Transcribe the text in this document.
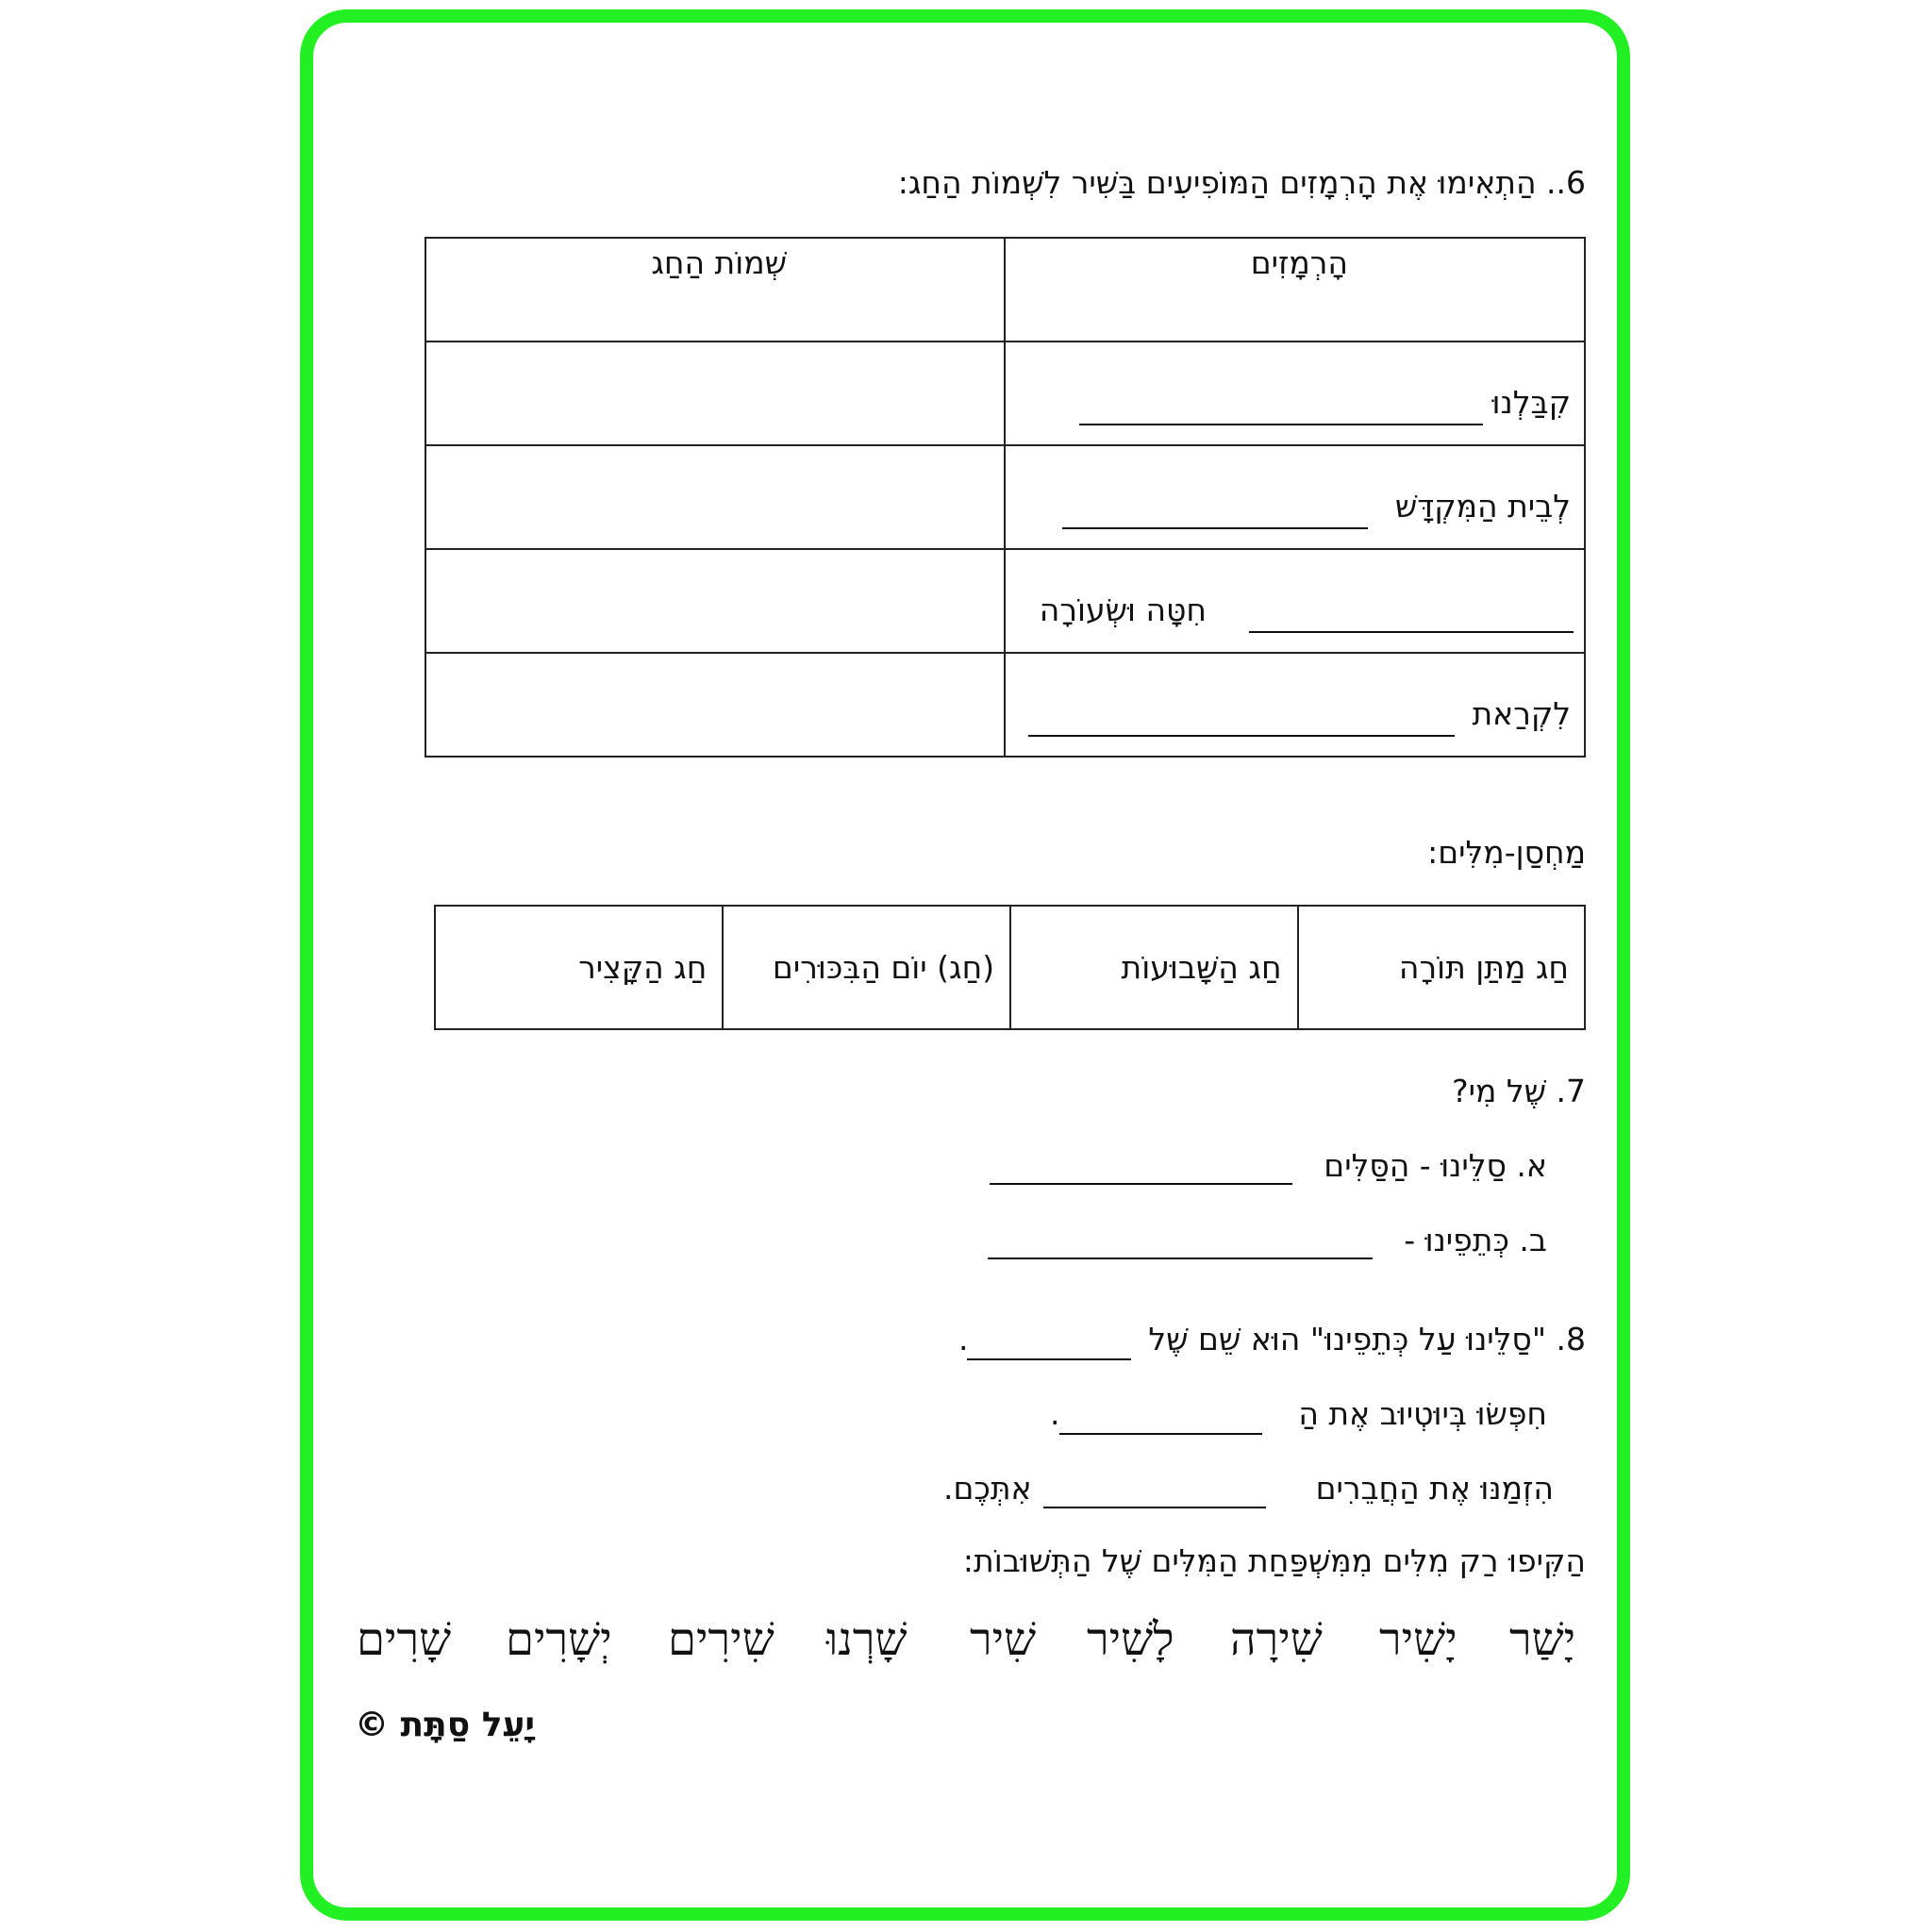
6.. הַתְאִימוּ אֶת הָרְמָזִים הַמּוֹפִיעִים בַּשִּׁיר לִשְׁמוֹת הַחַג:
שְׁמוֹת הַחַג	הָרְמָזִים

	קִבַּלְנוּ

	לְבֵית הַמִּקְדָּשׁ

	חִטָּה וּשְׂעוֹרָה

	לִקְרַאת
מַחְסַן-מִלִּים:
חַג מַתַּן תּוֹרָה	חַג הַשָּׁבוּעוֹת	(חַג) יוֹם הַבִּכּוּרִים	חַג הַקָּצִיר
7. שֶׁל מִי?
א. סַלֵּינוּ - הַסַּלִּים
ב. כְּתֵפֵינוּ -
8. "סַלֵּינוּ עַל כְּתֵפֵינוּ" הוּא שֵׁם שֶׁל
.
חִפְּשׂוּ בְּיוּטְיוּב אֶת הַ
.
הִזְמַנּוּ אֶת הַחֲבֵרִים
אִתְּכֶם.
הַקִּיפוּ רַק מִלִּים מִמִּשְׁפַּחַת הַמִּלִּים שֶׁל הַתְּשׁוּבוֹת:
יָשַׁר
יָשִׁיר
שִׁירָה
לָשִׁיר
שִׁיר
שָׁרְנוּ
שִׁירִים
יְשָׁרִים
שָׁרִים
יָעֵל סַתָּת ©
